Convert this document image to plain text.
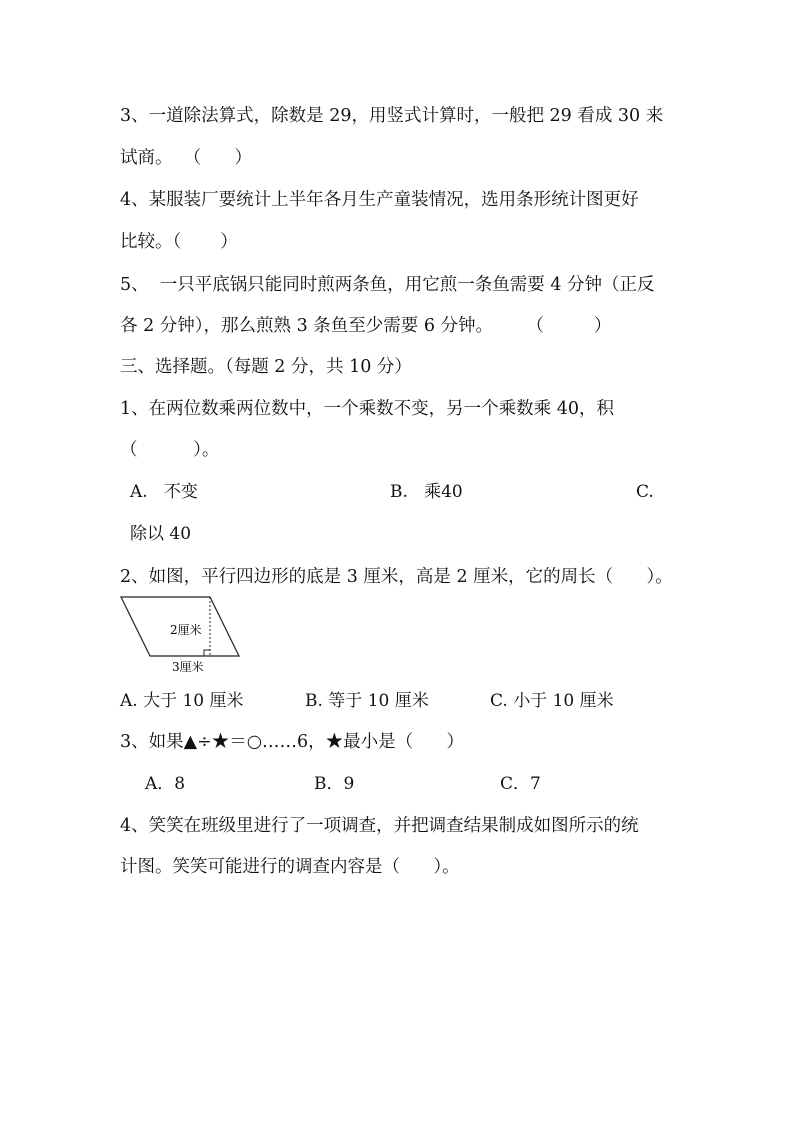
3、一道除法算式，除数是 29，用竖式计算时，一般把 29 看成 30 来
试商。  （      ）
4、某服装厂要统计上半年各月生产童装情况，选用条形统计图更好
比较。（       ）
5、  一只平底锅只能同时煎两条鱼，用它煎一条鱼需要 4 分钟（正反
各 2 分钟），那么煎熟 3 条鱼至少需要 6 分钟。      （         ）
三、选择题。（每题 2 分，共 10 分）
1、在两位数乘两位数中，一个乘数不变，另一个乘数乘 40，积
（          ）。
A.   不变	B.   乘40	C.
除以 40
2、如图，平行四边形的底是 3 厘米，高是 2 厘米，它的周长（      ）。
2厘米
3厘米
A. 大于 10 厘米	B. 等于 10 厘米	C. 小于 10 厘米
3、如果▲÷★＝○……6，★最小是（      ）
A．8	B．9	C．7
4、笑笑在班级里进行了一项调查，并把调查结果制成如图所示的统
计图。笑笑可能进行的调查内容是（      ）。
